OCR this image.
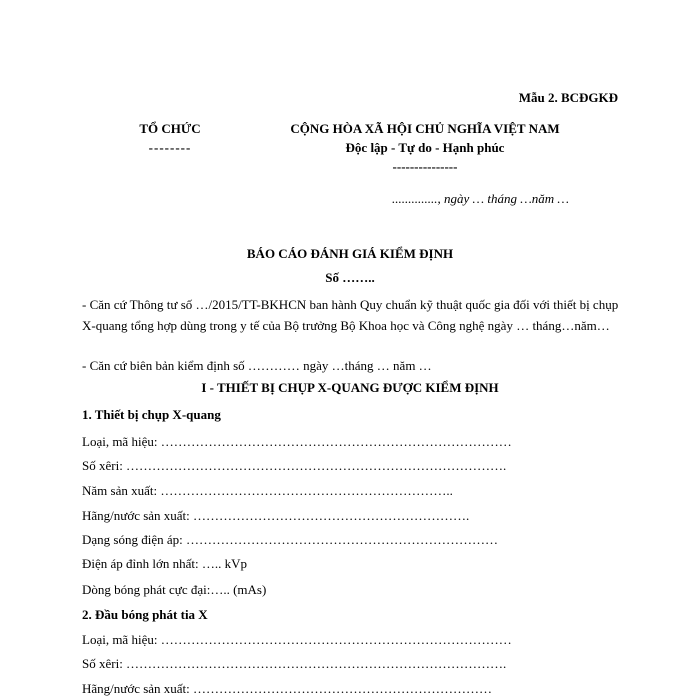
Mẫu 2. BCĐGKĐ
TỔ CHỨC
--------
CỘNG HÒA XÃ HỘI CHỦ NGHĨA VIỆT NAM
Độc lập - Tự do - Hạnh phúc
---------------
.............., ngày … tháng …năm …
BÁO CÁO ĐÁNH GIÁ KIỂM ĐỊNH
Số ……..
- Căn cứ Thông tư số …/2015/TT-BKHCN ban hành Quy chuẩn kỹ thuật quốc gia đối với thiết bị chụp X-quang tổng hợp dùng trong y tế của Bộ trưởng Bộ Khoa học và Công nghệ ngày … tháng…năm…
- Căn cứ biên bản kiểm định số ………… ngày …tháng … năm …
I - THIẾT BỊ CHỤP X-QUANG ĐƯỢC KIỂM ĐỊNH
1. Thiết bị chụp X-quang
Loại, mã hiệu: ………………………………………………………………………
Số xêri: …………………………………………………………………………….
Năm sản xuất: …………………………………………………………..
Hãng/nước sản xuất: ……………………………………………………….
Dạng sóng điện áp: ………………………………………………………………
Điện áp đỉnh lớn nhất: ….. kVp
Dòng bóng phát cực đại:….. (mAs)
2. Đầu bóng phát tia X
Loại, mã hiệu: ………………………………………………………………………
Số xêri: …………………………………………………………………………….
Hãng/nước sản xuất: ……………………………………………………………
